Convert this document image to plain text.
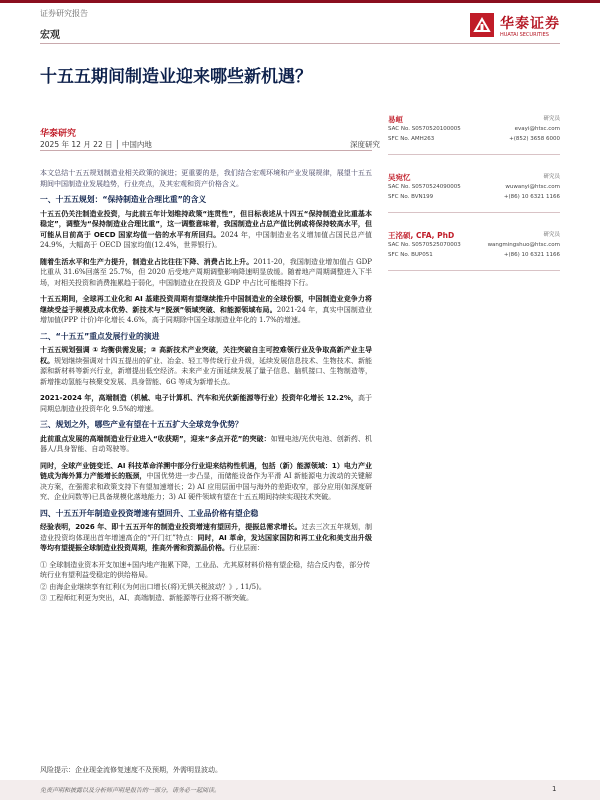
证券研究报告
宏观
华泰证券
HUATAI SECURITIES
十五五期间制造业迎来哪些新机遇？
华泰研究
2025 年 12 月 22 日 │ 中国内地	深度研究
易峘	研究员
SAC No. S0570520100005	evayi@htsc.com
SFC No. AMH263	+(852) 3658 6000
吴宛忆	研究员
SAC No. S0570524090005	wuwanyi@htsc.com
SFC No. BVN199	+(86) 10 6321 1166
王洺硕, CFA, PhD	研究员
SAC No. S0570525070003	wangmingshuo@htsc.com
SFC No. BUP051	+(86) 10 6321 1166

本文总结十五五规划制造业相关政策的演进；更重要的是，我们结合宏观环境和产业发展规律，展望十五五期间中国制造业发展趋势，行业亮点，及其宏观和资产价格含义。

一、十五五规划：“保持制造业合理比重”的含义

十五五仍关注制造业投资，与此前五年计划维持政策“连贯性”，但目标表述从十四五“保持制造业比重基本稳定”，调整为“保持制造业合理比重”，这一调整意味着，我国制造业占总产值比例或将保持较高水平，但可能从目前高于 OECD 国家均值一倍的水平有所回归。2024 年，中国制造业名义增加值占国民总产值 24.9%，大幅高于 OECD 国家均值(12.4%，世界银行)。

随着生活水平和生产力提升，制造业占比往往下降、消费占比上升。2011-20，我国制造业增加值占 GDP 比重从 31.6%回落至 25.7%，但 2020 后受地产周期调整影响降速明显放缓。随着地产周期调整进入下半场，对相关投资和消费拖累趋于弱化，中国制造业在投资及 GDP 中占比可能维持下行。

十五五期间，全球再工业化和 AI 基建投资周期有望继续推升中国制造业的全球份额，中国制造业竞争力将继续受益于规模及成本优势、新技术与“脱颈”领域突破、和能源领域布局。2021-24 年，真实中国制造业增加值(PPP 计价)年化增长 4.6%，高于同期除中国全球制造业年化的 1.7%的增速。

二、“十五五”重点发展行业的演进

十五五规划强调 ① 均衡供需发展；② 高新技术产业突破，关注突破自主可控难领行业及争取高新产业主导权。规划继续强调对十四五提出的矿业、冶金、轻工等传统行业升级，延续发展信息技术、生物技术、新能源和新材料等新兴行业，新增提出低空经济。未来产业方面延续发展了量子信息、脑机接口、生物制造等，新增推动氢能与核聚变发展、具身智能、6G 等成为新增长点。

2021-2024 年，高端制造（机械、电子计算机、汽车和光伏新能源等行业）投资年化增长 12.2%，高于同期总制造业投资年化 9.5%的增速。

三、规划之外，哪些产业有望在十五五扩大全球竞争优势？

此前重点发展的高端制造业行业进入“收获期”，迎来“多点开花”的突破：如锂电池/光伏电池、创新药、机器人/具身智能、自动驾驶等。

同时，全球产业链变迁、AI 科技革命洋溯中部分行业迎来结构性机遇，包括（新）能源领域：1）电力产业链成为海外算力产能增长的瓶颈，中国优势进一步凸显，而储能设备作为平滑 AI 新能源电力波动的关键解决方案，在强需求和政策支持下有望加速增长；2) AI 应用层面中国与海外的差距收窄，部分应用(如深度研究、企业问数等)已具备规模化落地能力；3) AI 硬件领域有望在十五五期间持续实现技术突破。

四、十五五开年制造业投资增速有望回升、工业品价格有望企稳

经验表明，2026 年、即十五五开年的制造业投资增速有望回升，提振总需求增长。过去三次五年规划，制造业投资均体现出首年增速高企的“开门红”特点：同时，AI 革命，发达国家国防和再工业化和美支出升级等均有望提振全球制造业投资周期，推高外需和资源品价格。行业层面：

① 全球制造业资本开支加速+国内地产拖累下降，工业品、尤其原材料价格有望企稳，结合反内卷，部分传统行业有望利益受稳定的供给格局。
② 由海企业继续享有红利(《为何出口增长(将)无惧关税波动？》, 11/5)。
③ 工程师红利更为突出，AI、高端制造、新能源等行业将不断突破。
风险提示：企业现金流修复速度不及预期，外需明显波动。
免责声明和披露以及分析师声明是报告的一部分，请务必一起阅读。	1
